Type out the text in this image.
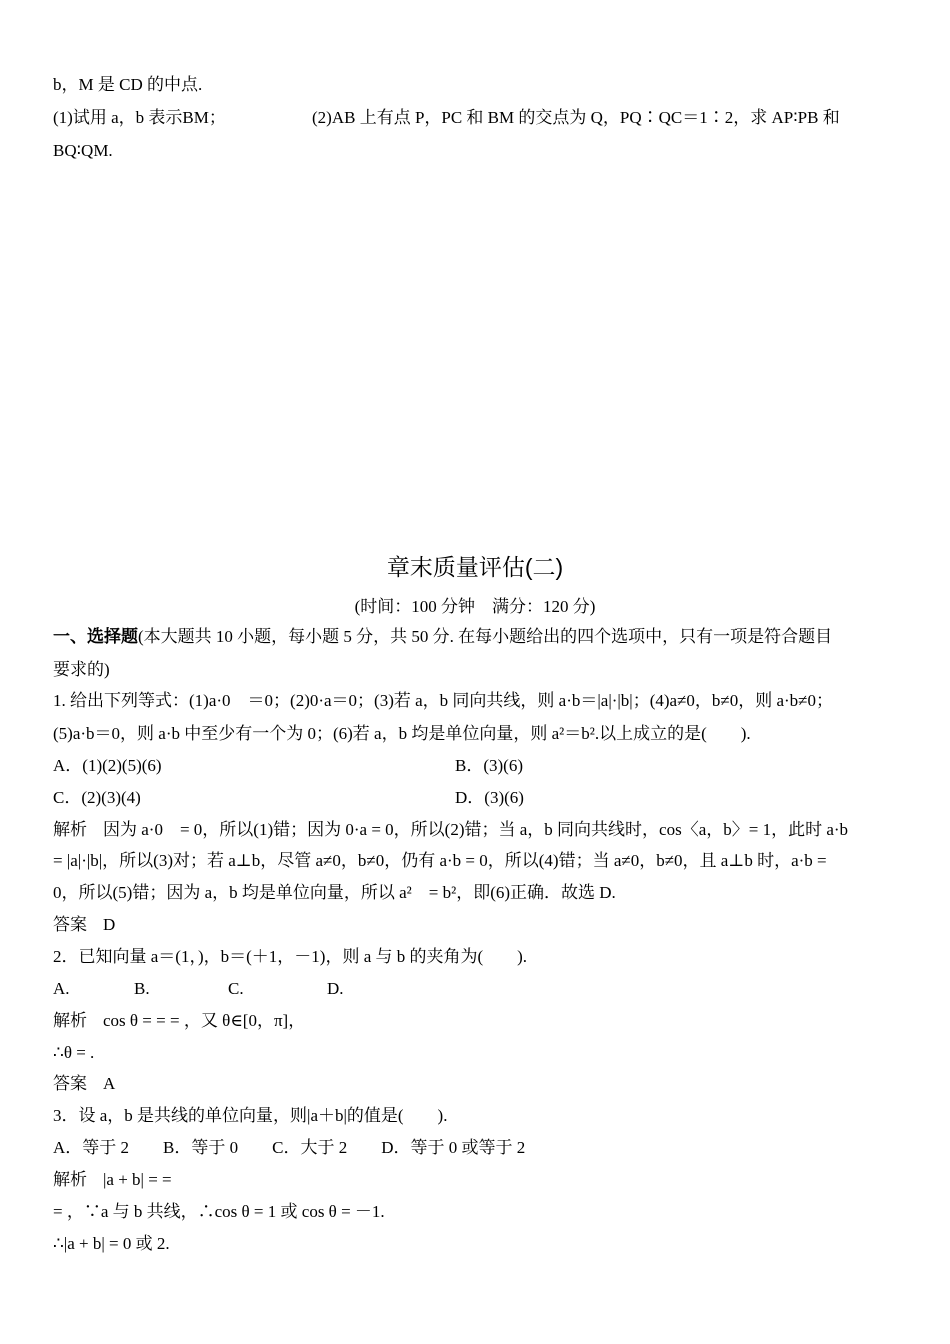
b，M 是 CD 的中点.
(1)试用 a，b 表示BM；	(2)AB 上有点 P，PC 和 BM 的交点为 Q，PQ∶QC＝1∶2，求 AP∶PB 和
BQ∶QM.
章末质量评估(二)
(时间：100 分钟　满分：120 分)
一、选择题(本大题共 10 小题，每小题 5 分，共 50 分. 在每小题给出的四个选项中，只有一项是符合题目
要求的)
1. 给出下列等式：(1)a·0　＝0；(2)0·a＝0；(3)若 a，b 同向共线，则 a·b＝|a|·|b|；(4)a≠0，b≠0，则 a·b≠0；
(5)a·b＝0，则 a·b 中至少有一个为 0；(6)若 a，b 均是单位向量，则 a²＝b².以上成立的是(　　).
A．(1)(2)(5)(6)	B．(3)(6)
C．(2)(3)(4)	D．(3)(6)
解析 因为 a·0　= 0，所以(1)错；因为 0·a = 0，所以(2)错；当 a，b 同向共线时，cos〈a，b〉= 1，此时 a·b
= |a|·|b|，所以(3)对；若 a⊥b，尽管 a≠0，b≠0，仍有 a·b = 0，所以(4)错；当 a≠0，b≠0，且 a⊥b 时，a·b =
0，所以(5)错；因为 a，b 均是单位向量，所以 a²　= b²，即(6)正确．故选 D.
答案 D
2．已知向量 a＝(1，)，b＝(＋1，－1)，则 a 与 b 的夹角为(　　).
A.	B.	C.	D.
解析 cos θ = = = ，又 θ∈[0，π]，
∴θ = .
答案 A
3．设 a，b 是共线的单位向量，则|a＋b|的值是(　　).
A．等于 2　　B．等于 0　　C．大于 2　　D．等于 0 或等于 2
解析 |a + b| = =
= ，∵a 与 b 共线，∴cos θ = 1 或 cos θ = －1.
∴|a + b| = 0 或 2.
